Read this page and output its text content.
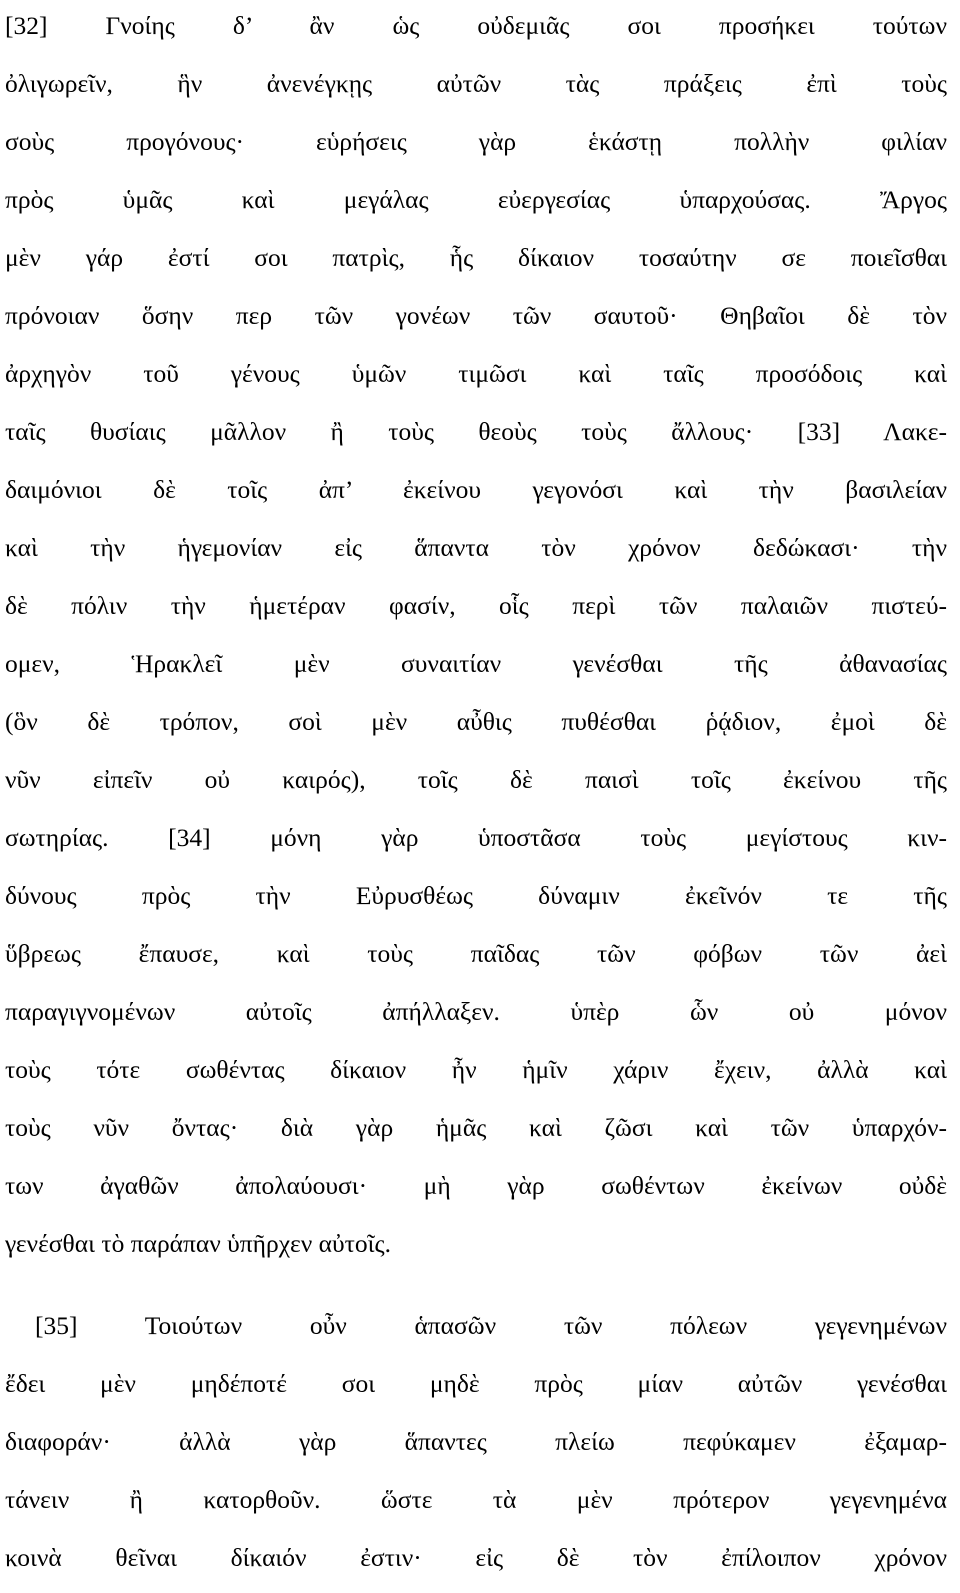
[32] Γνοίης δ’ ἂν ὡς οὐδεμιᾶς σοι προσήκει τούτων
ὀλιγωρεῖν, ἣν ἀνενέγκῃς αὐτῶν τὰς πράξεις ἐπὶ τοὺς
σοὺς προγόνους· εὑρήσεις γὰρ ἑκάστῃ πολλὴν φιλίαν
πρὸς ὑμᾶς καὶ μεγάλας εὐεργεσίας ὑπαρχούσας. Ἄργος
μὲν γάρ ἐστί σοι πατρὶς, ἧς δίκαιον τοσαύτην σε ποιεῖσθαι
πρόνοιαν ὅσην περ τῶν γονέων τῶν σαυτοῦ· Θηβαῖοι δὲ τὸν
ἀρχηγὸν τοῦ γένους ὑμῶν τιμῶσι καὶ ταῖς προσόδοις καὶ
ταῖς θυσίαις μᾶλλον ἢ τοὺς θεοὺς τοὺς ἄλλους· [33] Λακε-
δαιμόνιοι δὲ τοῖς ἀπ’ ἐκείνου γεγονόσι καὶ τὴν βασιλείαν
καὶ τὴν ἡγεμονίαν εἰς ἅπαντα τὸν χρόνον δεδώκασι· τὴν
δὲ πόλιν τὴν ἡμετέραν φασίν, οἷς περὶ τῶν παλαιῶν πιστεύ-
ομεν, Ἡρακλεῖ μὲν συναιτίαν γενέσθαι τῆς ἀθανασίας
(ὃν δὲ τρόπον, σοὶ μὲν αὖθις πυθέσθαι ῥᾴδιον, ἐμοὶ δὲ
νῦν εἰπεῖν οὐ καιρός), τοῖς δὲ παισὶ τοῖς ἐκείνου τῆς
σωτηρίας. [34] μόνη γὰρ ὑποστᾶσα τοὺς μεγίστους κιν-
δύνους πρὸς τὴν Εὐρυσθέως δύναμιν ἐκεῖνόν τε τῆς
ὕβρεως ἔπαυσε, καὶ τοὺς παῖδας τῶν φόβων τῶν ἀεὶ
παραγιγνομένων αὐτοῖς ἀπήλλαξεν. ὑπὲρ ὧν οὐ μόνον
τοὺς τότε σωθέντας δίκαιον ἦν ἡμῖν χάριν ἔχειν, ἀλλὰ καὶ
τοὺς νῦν ὄντας· διὰ γὰρ ἡμᾶς καὶ ζῶσι καὶ τῶν ὑπαρχόν-
των ἀγαθῶν ἀπολαύουσι· μὴ γὰρ σωθέντων ἐκείνων οὐδὲ
γενέσθαι τὸ παράπαν ὑπῆρχεν αὐτοῖς.
[35] Τοιούτων οὖν ἁπασῶν τῶν πόλεων γεγενημένων
ἔδει μὲν μηδέποτέ σοι μηδὲ πρὸς μίαν αὐτῶν γενέσθαι
διαφοράν· ἀλλὰ γὰρ ἅπαντες πλείω πεφύκαμεν ἐξαμαρ-
τάνειν ἢ κατορθοῦν. ὥστε τὰ μὲν πρότερον γεγενημένα
κοινὰ θεῖναι δίκαιόν ἐστιν· εἰς δὲ τὸν ἐπίλοιπον χρόνον
